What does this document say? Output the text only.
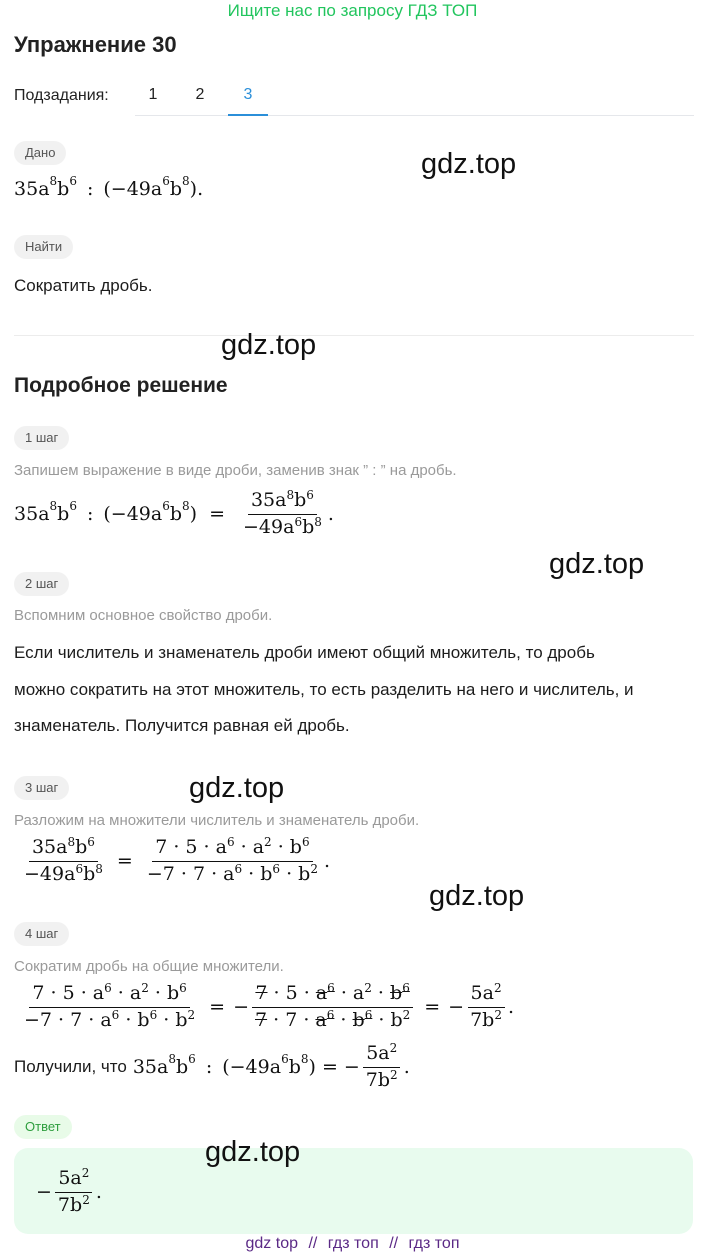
Ищите нас по запросу ГДЗ ТОП
Упражнение 30
Подзадания:	1	2	3
Дано
35 $a^8$ $b^6$ : (−49 $a^6$ $b^8$ ).
Найти
Сократить дробь.
Подробное решение
1 шаг
Запишем выражение в виде дроби, заменив знак ” : ” на дробь.
35 $a^8$ $b^6$ : (−49 $a^6$ $b^8$ ) = $\frac{35a^8b^6}{-49a^6b^8}$ .
2 шаг
Вспомним основное свойство дроби.
Если числитель и знаменатель дроби имеют общий множитель, то дробь
можно сократить на этот множитель, то есть разделить на него и числитель, и
знаменатель. Получится равная ей дробь.
3 шаг
Разложим на множители числитель и знаменатель дроби.
$\frac{35a^8b^6}{-49a^6b^8} = \frac{7 \cdot 5 \cdot a^6 \cdot a^2 \cdot b^6}{-7 \cdot 7 \cdot a^6 \cdot b^6 \cdot b^2}$ .
4 шаг
Сократим дробь на общие множители.
$\frac{7 \cdot 5 \cdot a^6 \cdot a^2 \cdot b^6}{-7 \cdot 7 \cdot a^6 \cdot b^6 \cdot b^2}$ = − $\frac{7 \cdot 5 \cdot a^6 \cdot a^2 \cdot b^6}{7 \cdot 7 \cdot a^6 \cdot b^6 \cdot b^2}$ = − $\frac{5a^2}{7b^2}$ .
Получили, что 35 $a^8$ $b^6$ : (−49 $a^6$ $b^8$ ) = − $\frac{5a^2}{7b^2}$ .
Ответ
− $\frac{5a^2}{7b^2}$ .
gdz.top
gdz.top
gdz.top
gdz.top
gdz.top
gdz.top
gdz top // гдз топ // гдз топ
